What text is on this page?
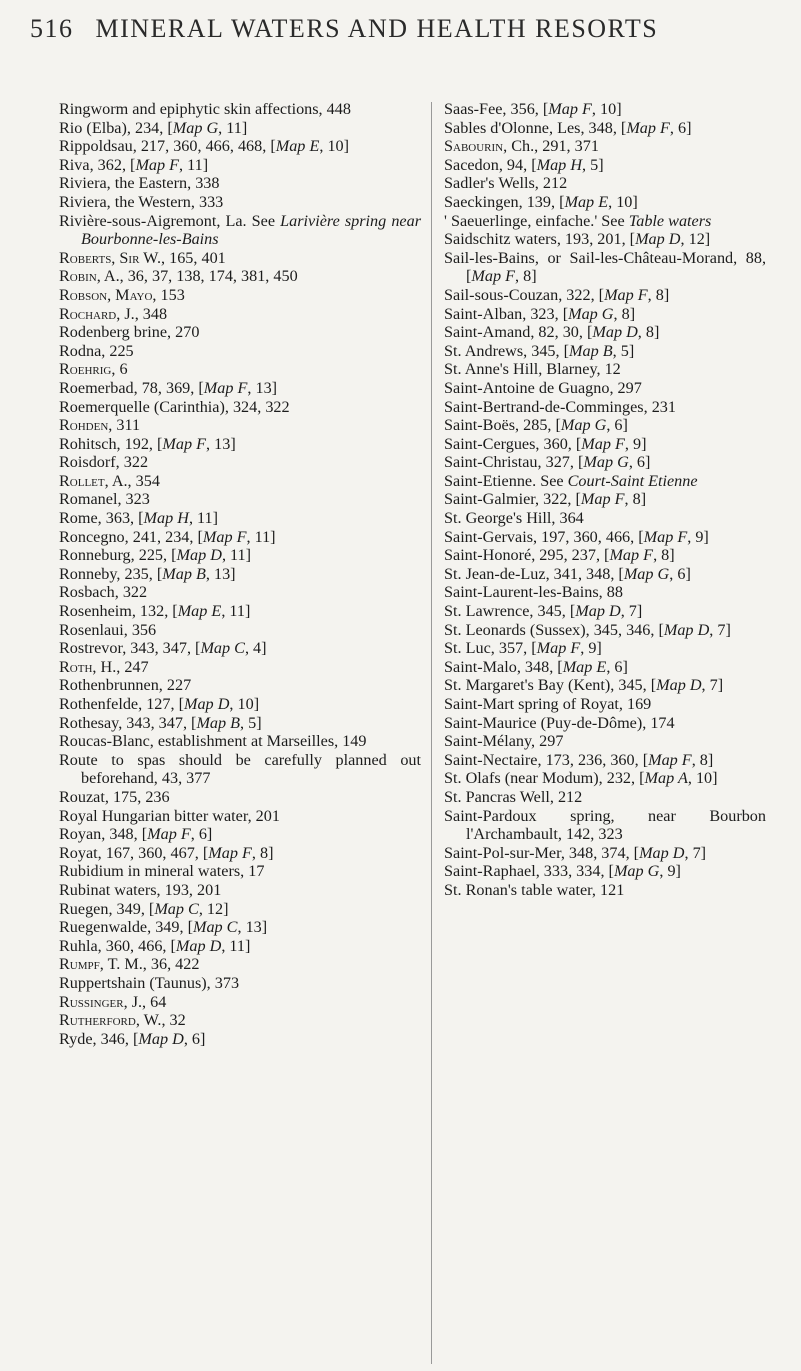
516 MINERAL WATERS AND HEALTH RESORTS

Ringworm and epiphytic skin affections, 448

Rio (Elba), 234, [Map G, 11]

Rippoldsau, 217, 360, 466, 468, [Map E, 10]

Riva, 362, [Map F, 11]

Riviera, the Eastern, 338

Riviera, the Western, 333

Rivière-sous-Aigremont, La. See Larivière spring near Bourbonne-les-Bains

Roberts, Sir W., 165, 401

Robin, A., 36, 37, 138, 174, 381, 450

Robson, Mayo, 153

Rochard, J., 348

Rodenberg brine, 270

Rodna, 225

Roehrig, 6

Roemerbad, 78, 369, [Map F, 13]

Roemerquelle (Carinthia), 324, 322

Rohden, 311

Rohitsch, 192, [Map F, 13]

Roisdorf, 322

Rollet, A., 354

Romanel, 323

Rome, 363, [Map H, 11]

Roncegno, 241, 234, [Map F, 11]

Ronneburg, 225, [Map D, 11]

Ronneby, 235, [Map B, 13]

Rosbach, 322

Rosenheim, 132, [Map E, 11]

Rosenlaui, 356

Rostrevor, 343, 347, [Map C, 4]

Roth, H., 247

Rothenbrunnen, 227

Rothenfelde, 127, [Map D, 10]

Rothesay, 343, 347, [Map B, 5]

Roucas-Blanc, establishment at Marseilles, 149

Route to spas should be carefully planned out beforehand, 43, 377

Rouzat, 175, 236

Royal Hungarian bitter water, 201

Royan, 348, [Map F, 6]

Royat, 167, 360, 467, [Map F, 8]

Rubidium in mineral waters, 17

Rubinat waters, 193, 201

Ruegen, 349, [Map C, 12]

Ruegenwalde, 349, [Map C, 13]

Ruhla, 360, 466, [Map D, 11]

Rumpf, T. M., 36, 422

Ruppertshain (Taunus), 373

Russinger, J., 64

Rutherford, W., 32

Ryde, 346, [Map D, 6]

Saas-Fee, 356, [Map F, 10]

Sables d'Olonne, Les, 348, [Map F, 6]

Sabourin, Ch., 291, 371

Sacedon, 94, [Map H, 5]

Sadler's Wells, 212

Saeckingen, 139, [Map E, 10]

' Saeuerlinge, einfache.' See Table waters

Saidschitz waters, 193, 201, [Map D, 12]

Sail-les-Bains, or Sail-les-Château-Morand, 88, [Map F, 8]

Sail-sous-Couzan, 322, [Map F, 8]

Saint-Alban, 323, [Map G, 8]

Saint-Amand, 82, 30, [Map D, 8]

St. Andrews, 345, [Map B, 5]

St. Anne's Hill, Blarney, 12

Saint-Antoine de Guagno, 297

Saint-Bertrand-de-Comminges, 231

Saint-Boës, 285, [Map G, 6]

Saint-Cergues, 360, [Map F, 9]

Saint-Christau, 327, [Map G, 6]

Saint-Etienne. See Court-Saint Etienne

Saint-Galmier, 322, [Map F, 8]

St. George's Hill, 364

Saint-Gervais, 197, 360, 466, [Map F, 9]

Saint-Honoré, 295, 237, [Map F, 8]

St. Jean-de-Luz, 341, 348, [Map G, 6]

Saint-Laurent-les-Bains, 88

St. Lawrence, 345, [Map D, 7]

St. Leonards (Sussex), 345, 346, [Map D, 7]

St. Luc, 357, [Map F, 9]

Saint-Malo, 348, [Map E, 6]

St. Margaret's Bay (Kent), 345, [Map D, 7]

Saint-Mart spring of Royat, 169

Saint-Maurice (Puy-de-Dôme), 174

Saint-Mélany, 297

Saint-Nectaire, 173, 236, 360, [Map F, 8]

St. Olafs (near Modum), 232, [Map A, 10]

St. Pancras Well, 212

Saint-Pardoux spring, near Bourbon l'Archambault, 142, 323

Saint-Pol-sur-Mer, 348, 374, [Map D, 7]

Saint-Raphael, 333, 334, [Map G, 9]

St. Ronan's table water, 121
